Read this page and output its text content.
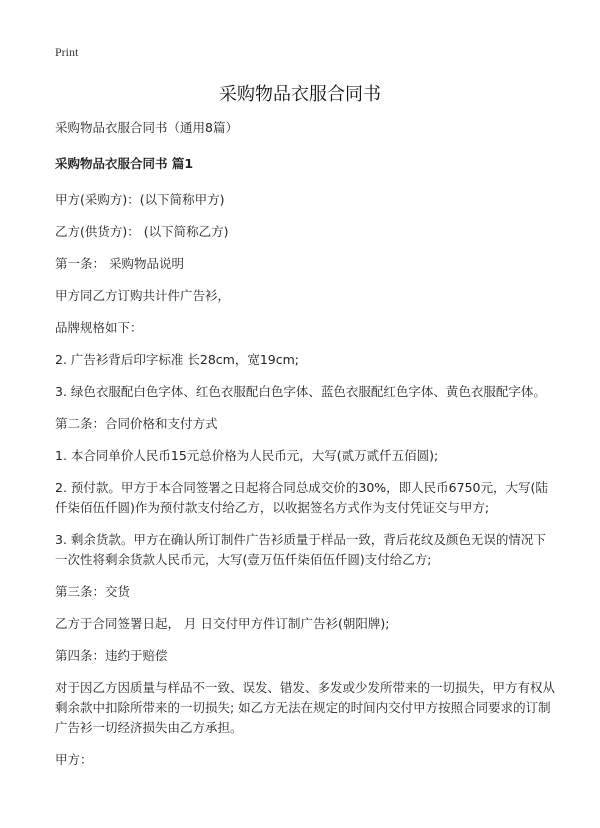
Print
采购物品衣服合同书

采购物品衣服合同书（通用8篇）

采购物品衣服合同书 篇1

甲方(采购方)：(以下简称甲方)

乙方(供货方)： (以下简称乙方)

第一条： 采购物品说明

甲方同乙方订购共计件广告衫，

品牌规格如下：

2. 广告衫背后印字标准 长28cm，宽19cm;

3. 绿色衣服配白色字体、红色衣服配白色字体、蓝色衣服配红色字体、黄色衣服配字体。

第二条：合同价格和支付方式

1. 本合同单价人民币15元总价格为人民币元，大写(贰万贰仟五佰圆);

2. 预付款。甲方于本合同签署之日起将合同总成交价的30%，即人民币6750元，大写(陆仟柒佰伍仟圆)作为预付款支付给乙方，以收据签名方式作为支付凭证交与甲方;

3. 剩余货款。甲方在确认所订制件广告衫质量于样品一致，背后花纹及颜色无误的情况下一次性将剩余货款人民币元，大写(壹万伍仟柒佰伍仟圆)支付给乙方;

第三条：交货

乙方于合同签署日起， 月 日交付甲方件订制广告衫(朝阳牌);

第四条：违约于赔偿

对于因乙方因质量与样品不一致、误发、错发、多发或少发所带来的一切损失，甲方有权从剩余款中扣除所带来的一切损失; 如乙方无法在规定的时间内交付甲方按照合同要求的订制广告衫一切经济损失由乙方承担。

甲方：
